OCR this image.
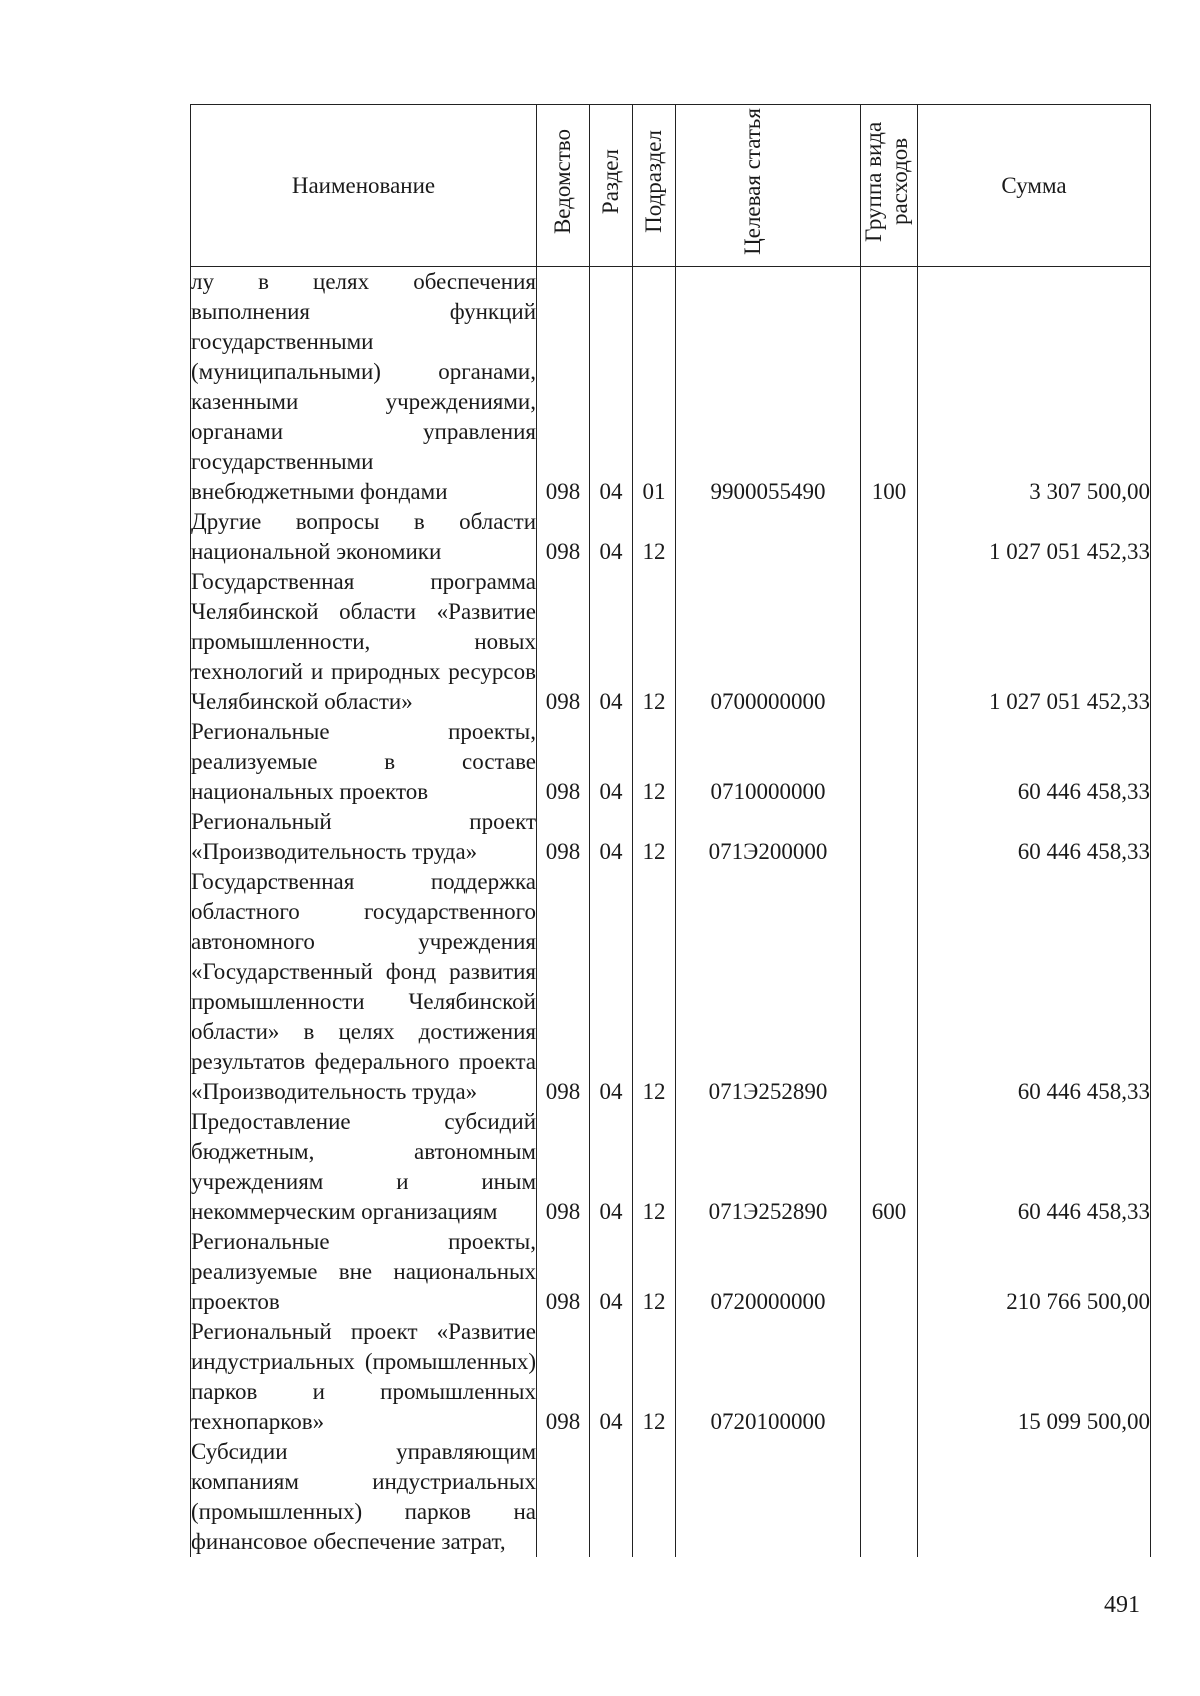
Наименование	Ведомство	Раздел	Подраздел	Целевая статья	Группа вида расходов	Сумма
лу в целях обеспечения выполнения функций государственными (муниципальными) органами, казенными учреждениями, органами управления государственными внебюджетными фондами	098	04	01	9900055490	100	3 307 500,00
Другие вопросы в области национальной экономики	098	04	12			1 027 051 452,33
Государственная программа Челябинской области «Развитие промышленности, новых технологий и природных ресурсов Челябинской области»	098	04	12	0700000000		1 027 051 452,33
Региональные проекты, реализуемые в составе национальных проектов	098	04	12	0710000000		60 446 458,33
Региональный проект «Производительность труда»	098	04	12	071Э200000		60 446 458,33
Государственная поддержка областного государственного автономного учреждения «Государственный фонд развития промышленности Челябинской области» в целях достижения результатов федерального проекта «Производительность труда»	098	04	12	071Э252890		60 446 458,33
Предоставление субсидий бюджетным, автономным учреждениям и иным некоммерческим организациям	098	04	12	071Э252890	600	60 446 458,33
Региональные проекты, реализуемые вне национальных проектов	098	04	12	0720000000		210 766 500,00
Региональный проект «Развитие индустриальных (промышленных) парков и промышленных технопарков»	098	04	12	0720100000		15 099 500,00
Субсидии управляющим компаниям индустриальных (промышленных) парков на финансовое обеспечение затрат,						
491
